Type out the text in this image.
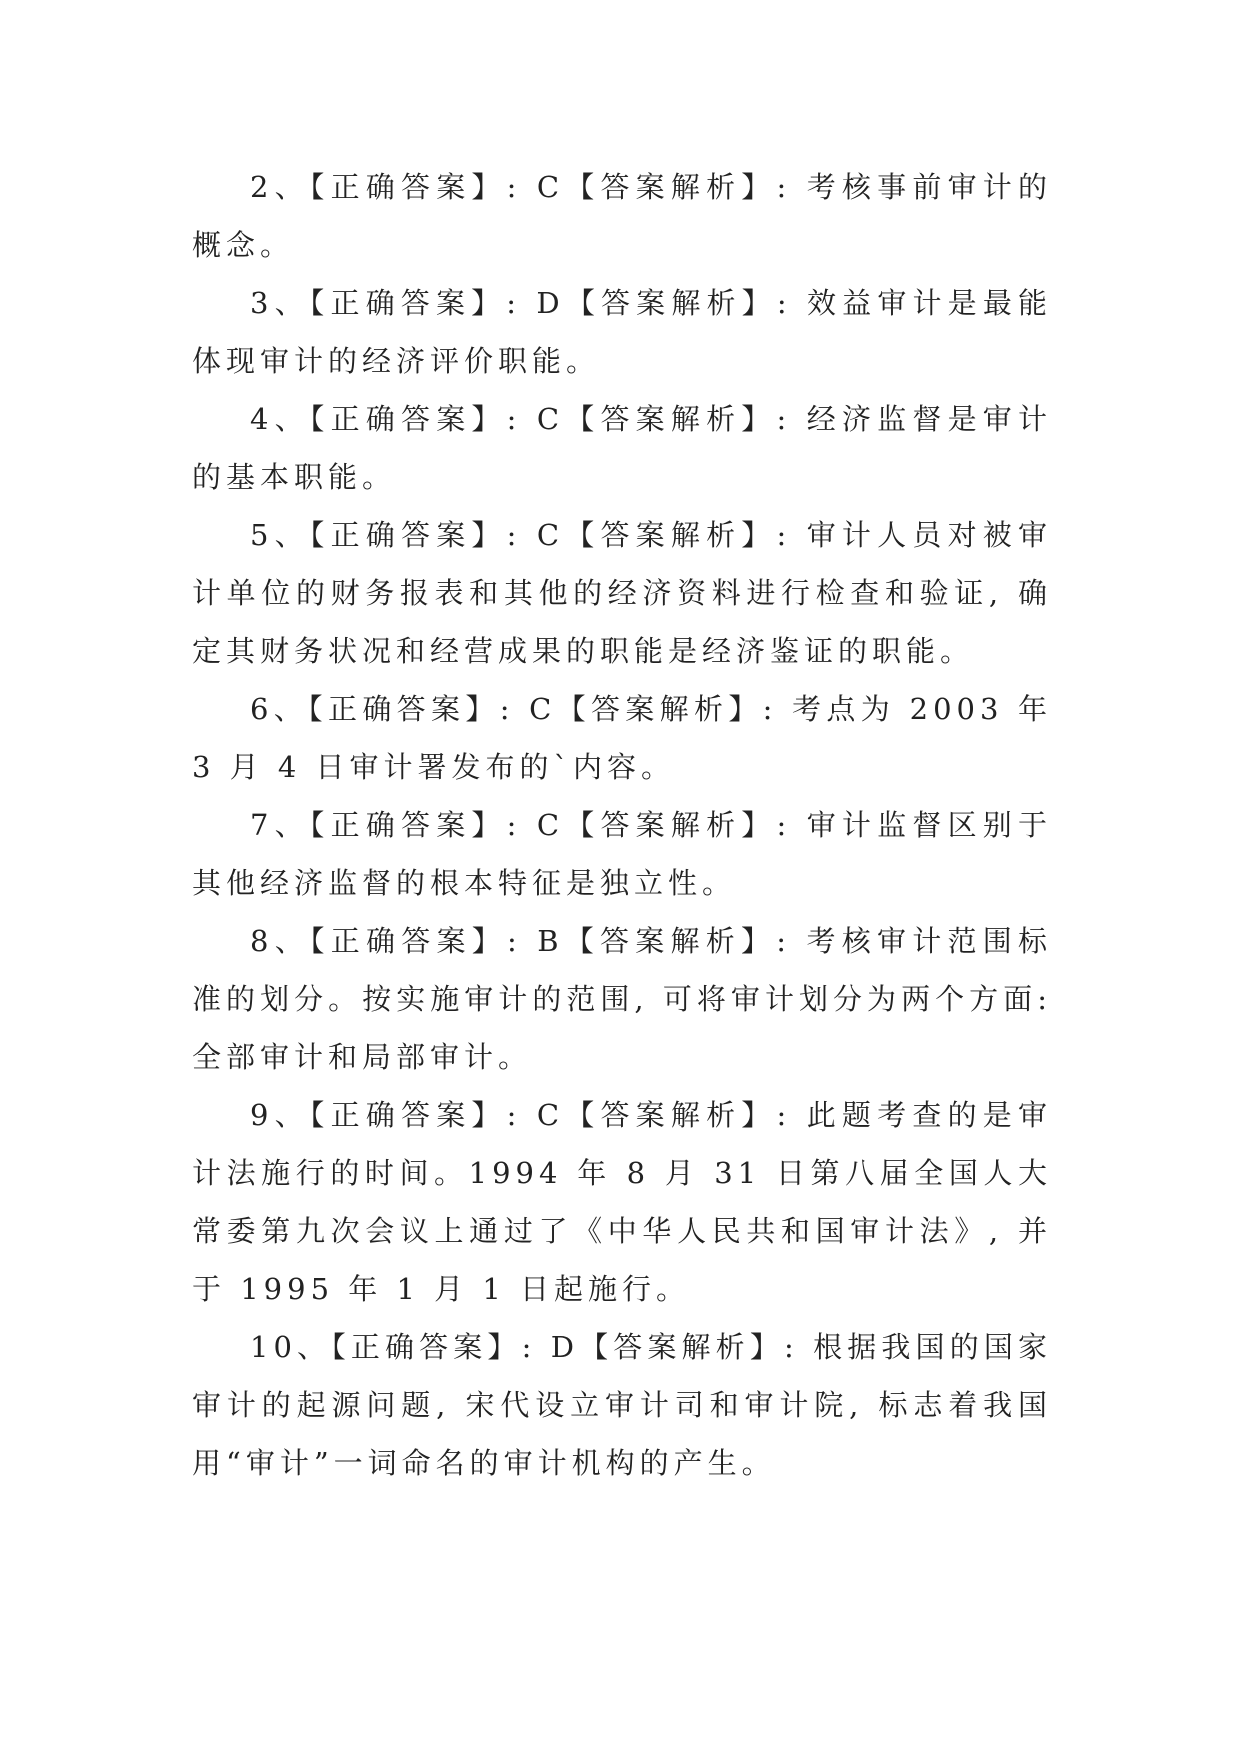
2、【正确答案】: C【答案解析】: 考核事前审计的概念。

3、【正确答案】: D【答案解析】: 效益审计是最能体现审计的经济评价职能。

4、【正确答案】: C【答案解析】: 经济监督是审计的基本职能。

5、【正确答案】: C【答案解析】: 审计人员对被审计单位的财务报表和其他的经济资料进行检查和验证, 确定其财务状况和经营成果的职能是经济鉴证的职能。

6、【正确答案】: C【答案解析】: 考点为 2003 年 3 月 4 日审计署发布的`内容。

7、【正确答案】: C【答案解析】: 审计监督区别于其他经济监督的根本特征是独立性。

8、【正确答案】: B【答案解析】: 考核审计范围标准的划分。按实施审计的范围, 可将审计划分为两个方面: 全部审计和局部审计。

9、【正确答案】: C【答案解析】: 此题考查的是审计法施行的时间。1994 年 8 月 31 日第八届全国人大常委第九次会议上通过了《中华人民共和国审计法》, 并于 1995 年 1 月 1 日起施行。

10、【正确答案】: D【答案解析】: 根据我国的国家审计的起源问题, 宋代设立审计司和审计院, 标志着我国用“审计”一词命名的审计机构的产生。
